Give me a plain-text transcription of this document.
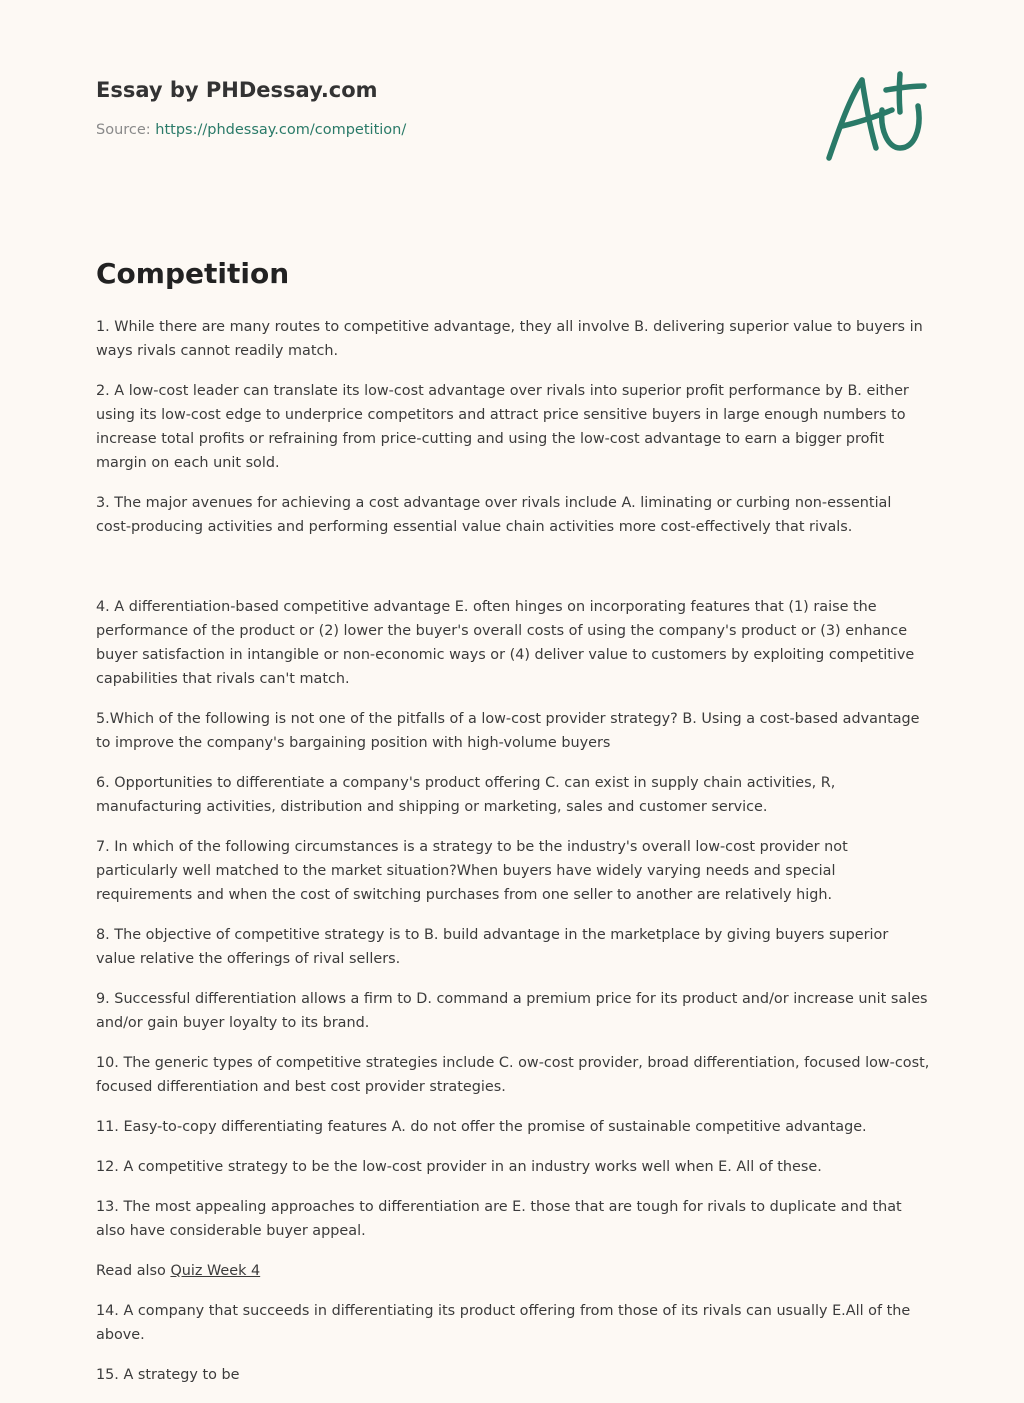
Essay by PHDessay.com
Source: https://phdessay.com/competition/
Competition

1. While there are many routes to competitive advantage, they all involve B. delivering superior value to buyers in ways rivals cannot readily match.

2. A low-cost leader can translate its low-cost advantage over rivals into superior profit performance by B. either using its low-cost edge to underprice competitors and attract price sensitive buyers in large enough numbers to increase total profits or refraining from price-cutting and using the low-cost advantage to earn a bigger profit margin on each unit sold.

3. The major avenues for achieving a cost advantage over rivals include A. liminating or curbing non-essential cost-producing activities and performing essential value chain activities more cost-effectively that rivals.

4. A differentiation-based competitive advantage E. often hinges on incorporating features that (1) raise the performance of the product or (2) lower the buyer's overall costs of using the company's product or (3) enhance buyer satisfaction in intangible or non-economic ways or (4) deliver value to customers by exploiting competitive capabilities that rivals can't match.

5.Which of the following is not one of the pitfalls of a low-cost provider strategy? B. Using a cost-based advantage to improve the company's bargaining position with high-volume buyers

6. Opportunities to differentiate a company's product offering C. can exist in supply chain activities, R, manufacturing activities, distribution and shipping or marketing, sales and customer service.

7. In which of the following circumstances is a strategy to be the industry's overall low-cost provider not particularly well matched to the market situation?When buyers have widely varying needs and special requirements and when the cost of switching purchases from one seller to another are relatively high.

8. The objective of competitive strategy is to B. build advantage in the marketplace by giving buyers superior value relative the offerings of rival sellers.

9. Successful differentiation allows a firm to D. command a premium price for its product and/or increase unit sales and/or gain buyer loyalty to its brand.

10. The generic types of competitive strategies include C. ow-cost provider, broad differentiation, focused low-cost, focused differentiation and best cost provider strategies.

11. Easy-to-copy differentiating features A. do not offer the promise of sustainable competitive advantage.

12. A competitive strategy to be the low-cost provider in an industry works well when E. All of these.

13. The most appealing approaches to differentiation are E. those that are tough for rivals to duplicate and that also have considerable buyer appeal.

Read also Quiz Week 4

14. A company that succeeds in differentiating its product offering from those of its rivals can usually E.All of the above.

15. A strategy to be
